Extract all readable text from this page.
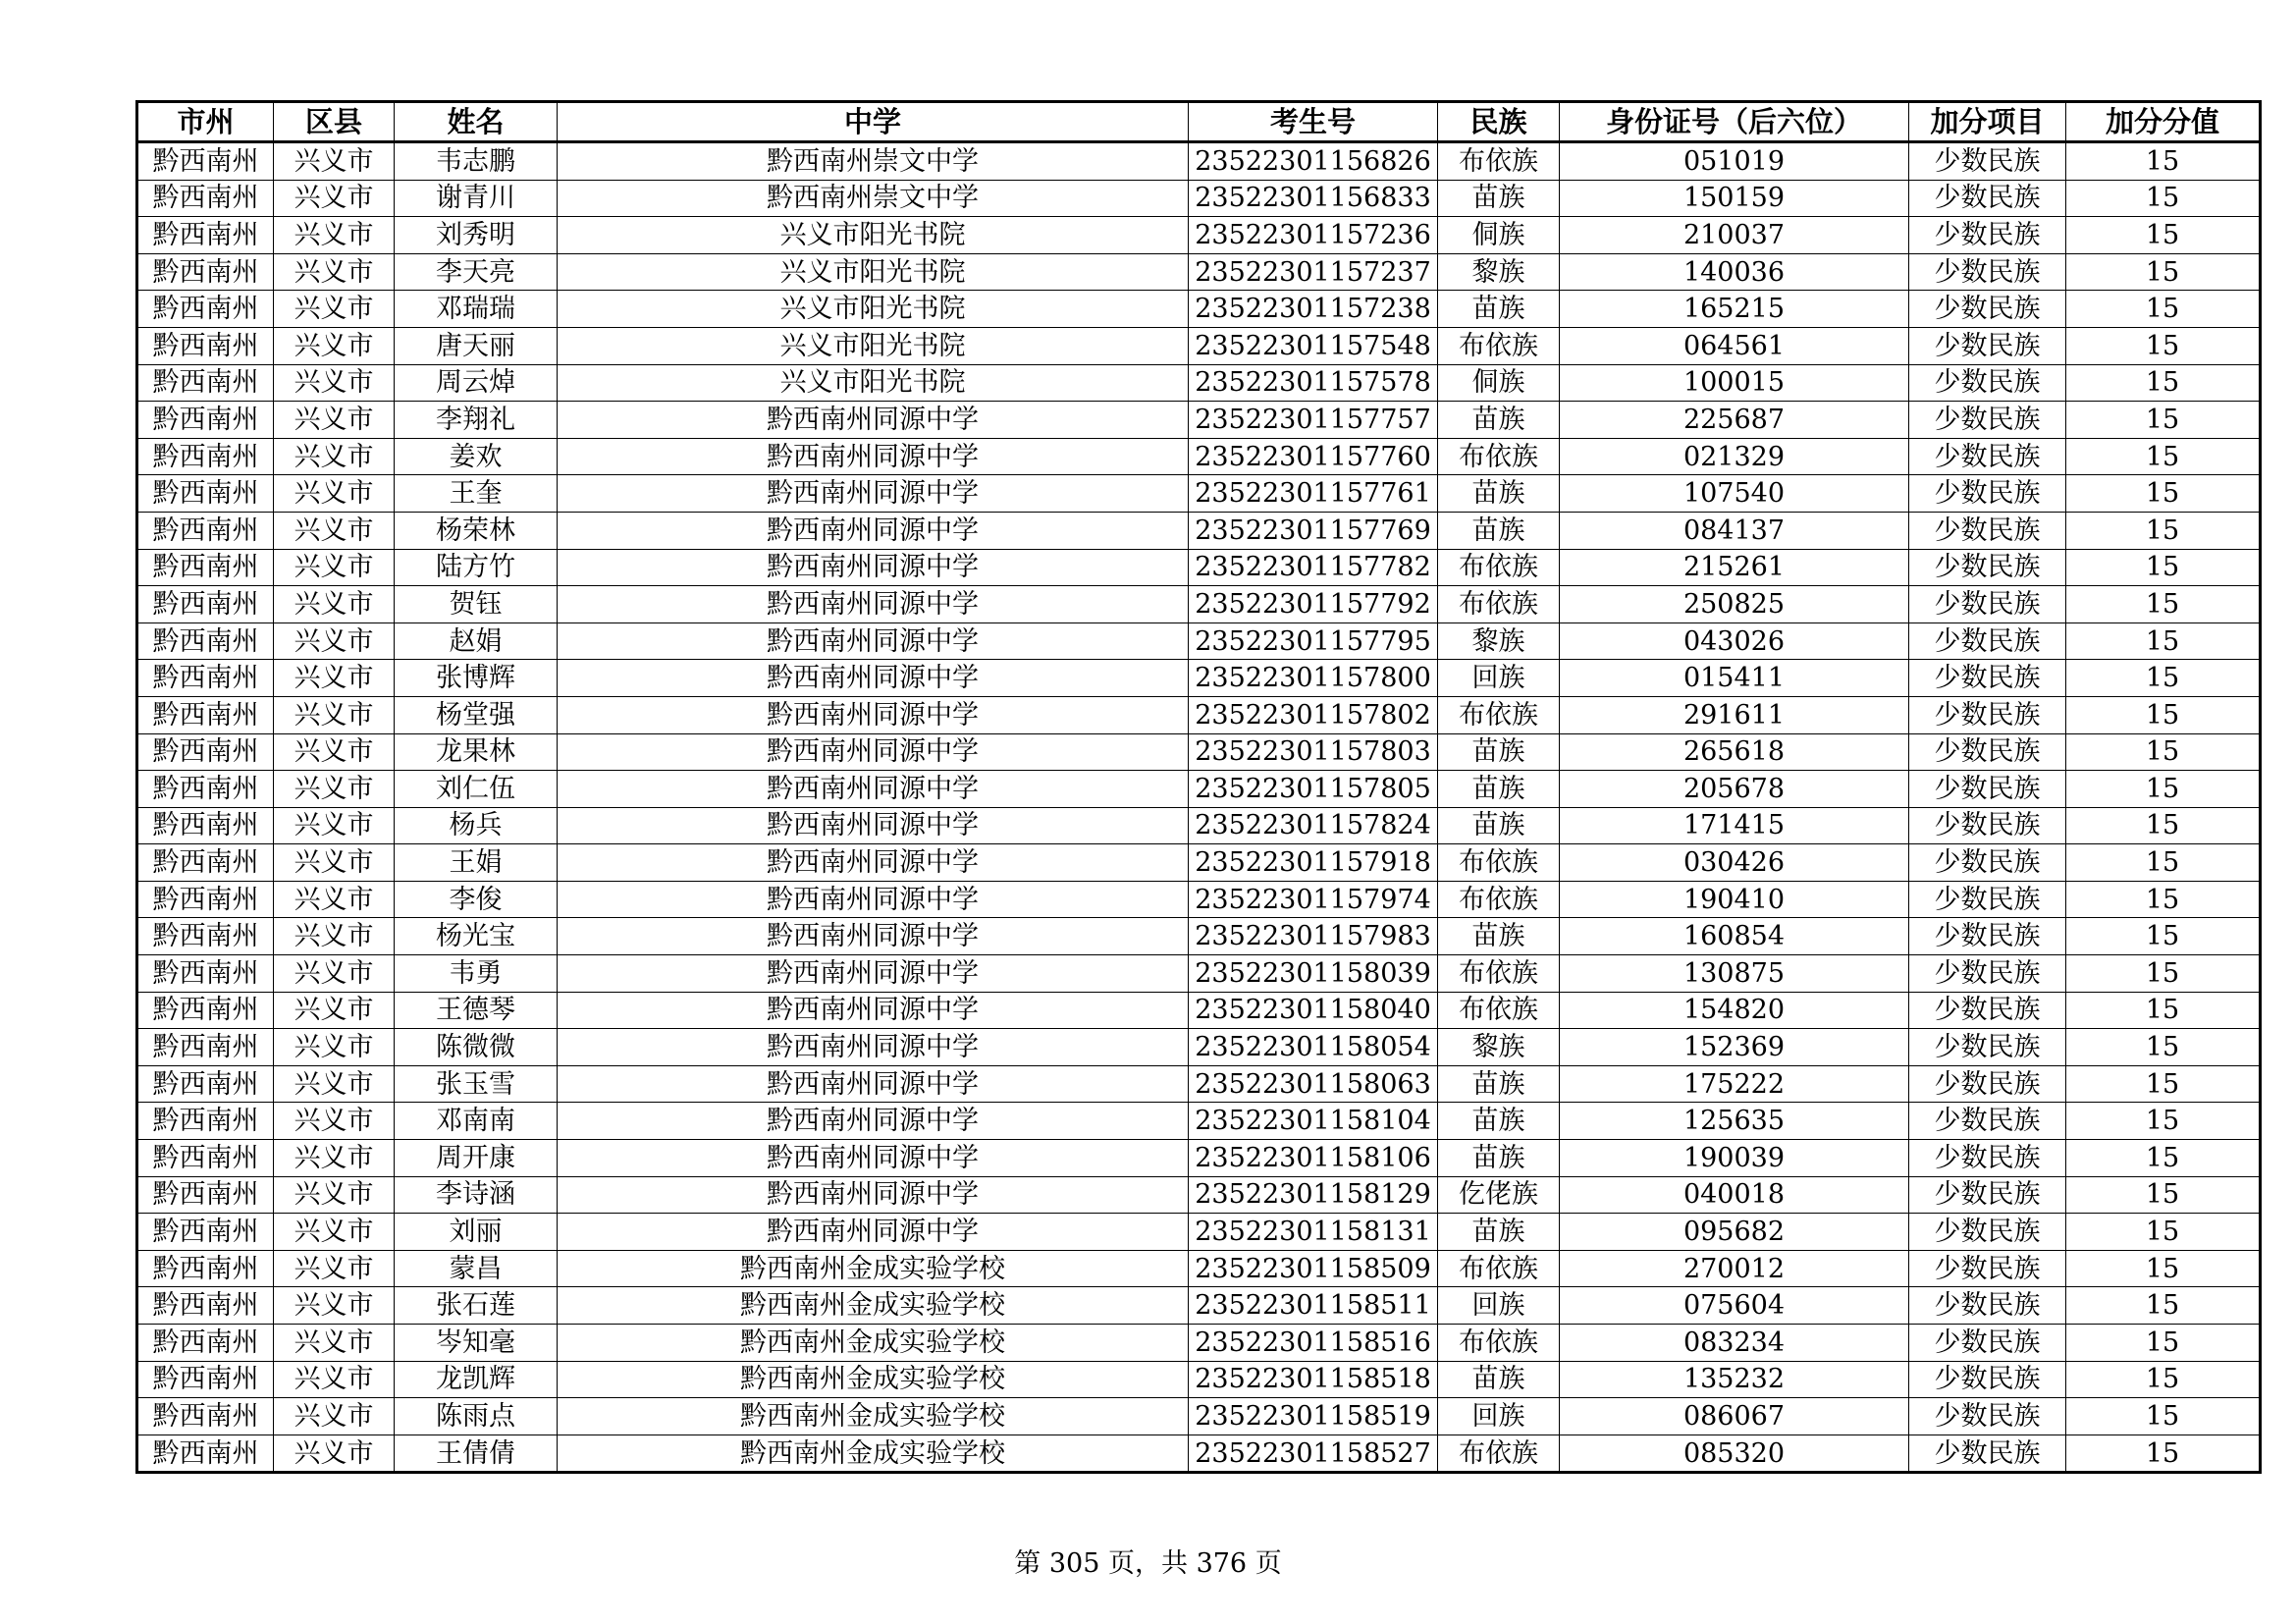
市州	区县	姓名	中学	考生号	民族	身份证号（后六位）	加分项目	加分分值
黔西南州	兴义市	韦志鹏	黔西南州崇文中学	23522301156826	布依族	051019	少数民族	15
黔西南州	兴义市	谢青川	黔西南州崇文中学	23522301156833	苗族	150159	少数民族	15
黔西南州	兴义市	刘秀明	兴义市阳光书院	23522301157236	侗族	210037	少数民族	15
黔西南州	兴义市	李天亮	兴义市阳光书院	23522301157237	黎族	140036	少数民族	15
黔西南州	兴义市	邓瑞瑞	兴义市阳光书院	23522301157238	苗族	165215	少数民族	15
黔西南州	兴义市	唐天丽	兴义市阳光书院	23522301157548	布依族	064561	少数民族	15
黔西南州	兴义市	周云焯	兴义市阳光书院	23522301157578	侗族	100015	少数民族	15
黔西南州	兴义市	李翔礼	黔西南州同源中学	23522301157757	苗族	225687	少数民族	15
黔西南州	兴义市	姜欢	黔西南州同源中学	23522301157760	布依族	021329	少数民族	15
黔西南州	兴义市	王奎	黔西南州同源中学	23522301157761	苗族	107540	少数民族	15
黔西南州	兴义市	杨荣林	黔西南州同源中学	23522301157769	苗族	084137	少数民族	15
黔西南州	兴义市	陆方竹	黔西南州同源中学	23522301157782	布依族	215261	少数民族	15
黔西南州	兴义市	贺钰	黔西南州同源中学	23522301157792	布依族	250825	少数民族	15
黔西南州	兴义市	赵娟	黔西南州同源中学	23522301157795	黎族	043026	少数民族	15
黔西南州	兴义市	张博辉	黔西南州同源中学	23522301157800	回族	015411	少数民族	15
黔西南州	兴义市	杨堂强	黔西南州同源中学	23522301157802	布依族	291611	少数民族	15
黔西南州	兴义市	龙果林	黔西南州同源中学	23522301157803	苗族	265618	少数民族	15
黔西南州	兴义市	刘仁伍	黔西南州同源中学	23522301157805	苗族	205678	少数民族	15
黔西南州	兴义市	杨兵	黔西南州同源中学	23522301157824	苗族	171415	少数民族	15
黔西南州	兴义市	王娟	黔西南州同源中学	23522301157918	布依族	030426	少数民族	15
黔西南州	兴义市	李俊	黔西南州同源中学	23522301157974	布依族	190410	少数民族	15
黔西南州	兴义市	杨光宝	黔西南州同源中学	23522301157983	苗族	160854	少数民族	15
黔西南州	兴义市	韦勇	黔西南州同源中学	23522301158039	布依族	130875	少数民族	15
黔西南州	兴义市	王德琴	黔西南州同源中学	23522301158040	布依族	154820	少数民族	15
黔西南州	兴义市	陈微微	黔西南州同源中学	23522301158054	黎族	152369	少数民族	15
黔西南州	兴义市	张玉雪	黔西南州同源中学	23522301158063	苗族	175222	少数民族	15
黔西南州	兴义市	邓南南	黔西南州同源中学	23522301158104	苗族	125635	少数民族	15
黔西南州	兴义市	周开康	黔西南州同源中学	23522301158106	苗族	190039	少数民族	15
黔西南州	兴义市	李诗涵	黔西南州同源中学	23522301158129	仡佬族	040018	少数民族	15
黔西南州	兴义市	刘丽	黔西南州同源中学	23522301158131	苗族	095682	少数民族	15
黔西南州	兴义市	蒙昌	黔西南州金成实验学校	23522301158509	布依族	270012	少数民族	15
黔西南州	兴义市	张石莲	黔西南州金成实验学校	23522301158511	回族	075604	少数民族	15
黔西南州	兴义市	岑知毫	黔西南州金成实验学校	23522301158516	布依族	083234	少数民族	15
黔西南州	兴义市	龙凯辉	黔西南州金成实验学校	23522301158518	苗族	135232	少数民族	15
黔西南州	兴义市	陈雨点	黔西南州金成实验学校	23522301158519	回族	086067	少数民族	15
黔西南州	兴义市	王倩倩	黔西南州金成实验学校	23522301158527	布依族	085320	少数民族	15
第 305 页，共 376 页
